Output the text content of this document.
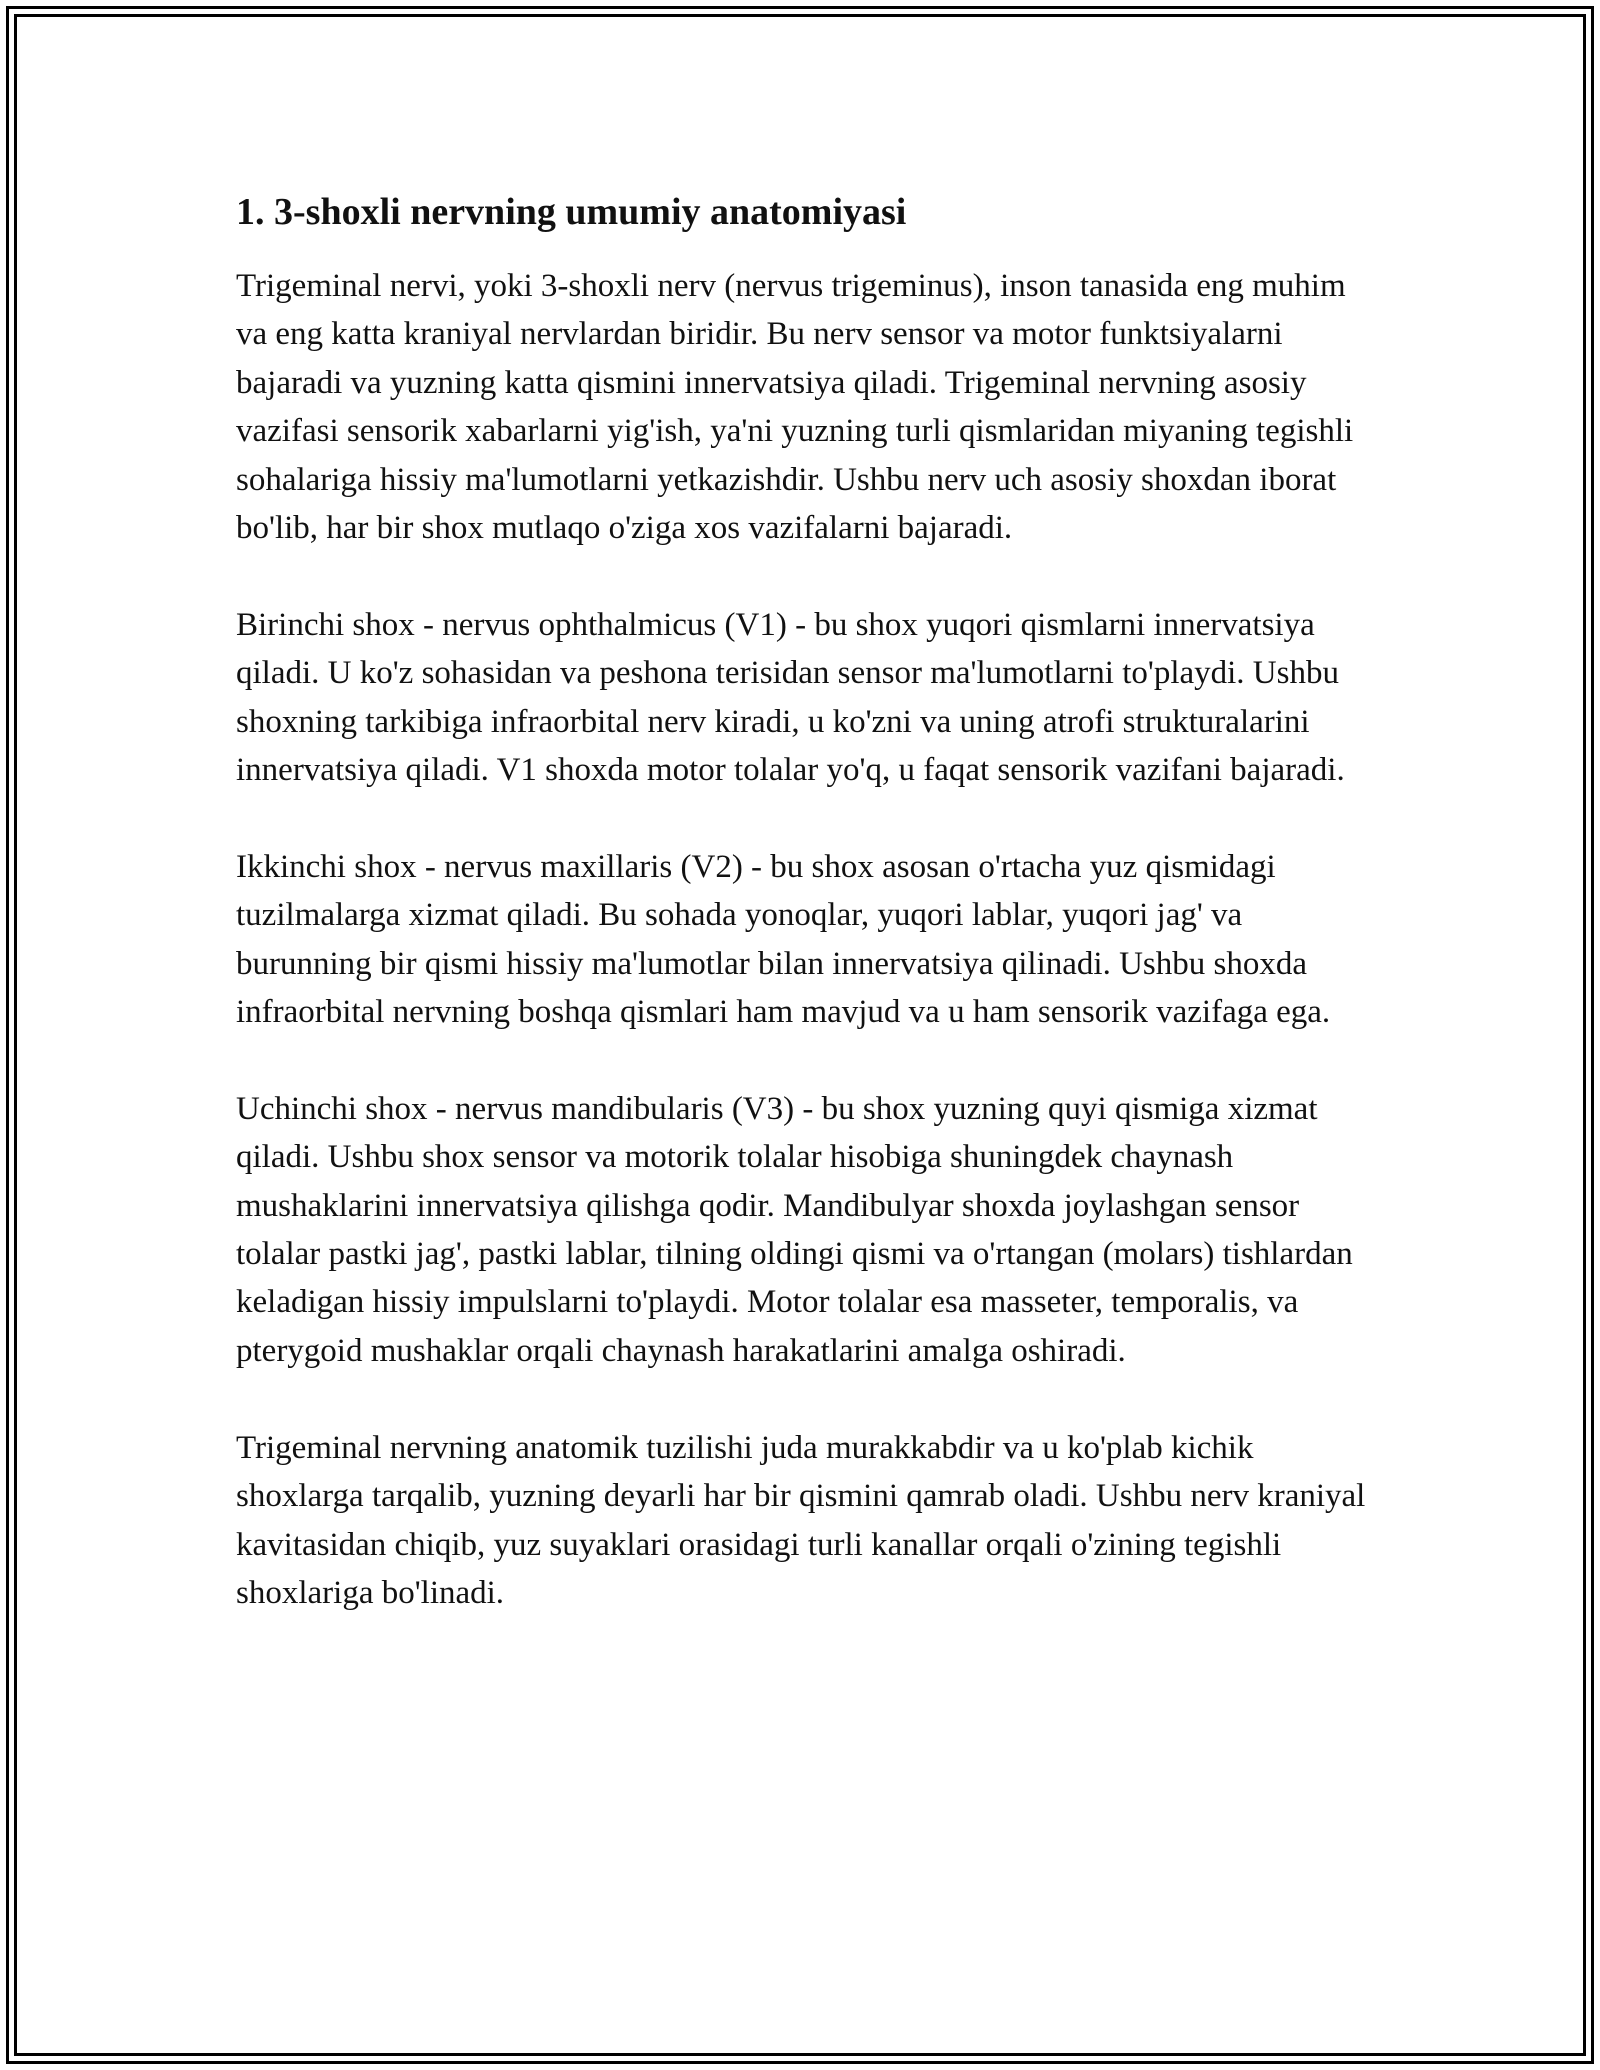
1. 3-shoxli nervning umumiy anatomiyasi

Trigeminal nervi, yoki 3-shoxli nerv (nervus trigeminus), inson tanasida eng muhim va eng katta kraniyal nervlardan biridir. Bu nerv sensor va motor funktsiyalarni bajaradi va yuzning katta qismini innervatsiya qiladi. Trigeminal nervning asosiy vazifasi sensorik xabarlarni yig'ish, ya'ni yuzning turli qismlaridan miyaning tegishli sohalariga hissiy ma'lumotlarni yetkazishdir. Ushbu nerv uch asosiy shoxdan iborat bo'lib, har bir shox mutlaqo o'ziga xos vazifalarni bajaradi.

Birinchi shox - nervus ophthalmicus (V1) - bu shox yuqori qismlarni innervatsiya qiladi. U ko'z sohasidan va peshona terisidan sensor ma'lumotlarni to'playdi. Ushbu shoxning tarkibiga infraorbital nerv kiradi, u ko'zni va uning atrofi strukturalarini innervatsiya qiladi. V1 shoxda motor tolalar yo'q, u faqat sensorik vazifani bajaradi.

Ikkinchi shox - nervus maxillaris (V2) - bu shox asosan o'rtacha yuz qismidagi tuzilmalarga xizmat qiladi. Bu sohada yonoqlar, yuqori lablar, yuqori jag' va burunning bir qismi hissiy ma'lumotlar bilan innervatsiya qilinadi. Ushbu shoxda infraorbital nervning boshqa qismlari ham mavjud va u ham sensorik vazifaga ega.

Uchinchi shox - nervus mandibularis (V3) - bu shox yuzning quyi qismiga xizmat qiladi. Ushbu shox sensor va motorik tolalar hisobiga shuningdek chaynash mushaklarini innervatsiya qilishga qodir. Mandibulyar shoxda joylashgan sensor tolalar pastki jag', pastki lablar, tilning oldingi qismi va o'rtangan (molars) tishlardan keladigan hissiy impulslarni to'playdi. Motor tolalar esa masseter, temporalis, va pterygoid mushaklar orqali chaynash harakatlarini amalga oshiradi.

Trigeminal nervning anatomik tuzilishi juda murakkabdir va u ko'plab kichik shoxlarga tarqalib, yuzning deyarli har bir qismini qamrab oladi. Ushbu nerv kraniyal kavitasidan chiqib, yuz suyaklari orasidagi turli kanallar orqali o'zining tegishli shoxlariga bo'linadi.
